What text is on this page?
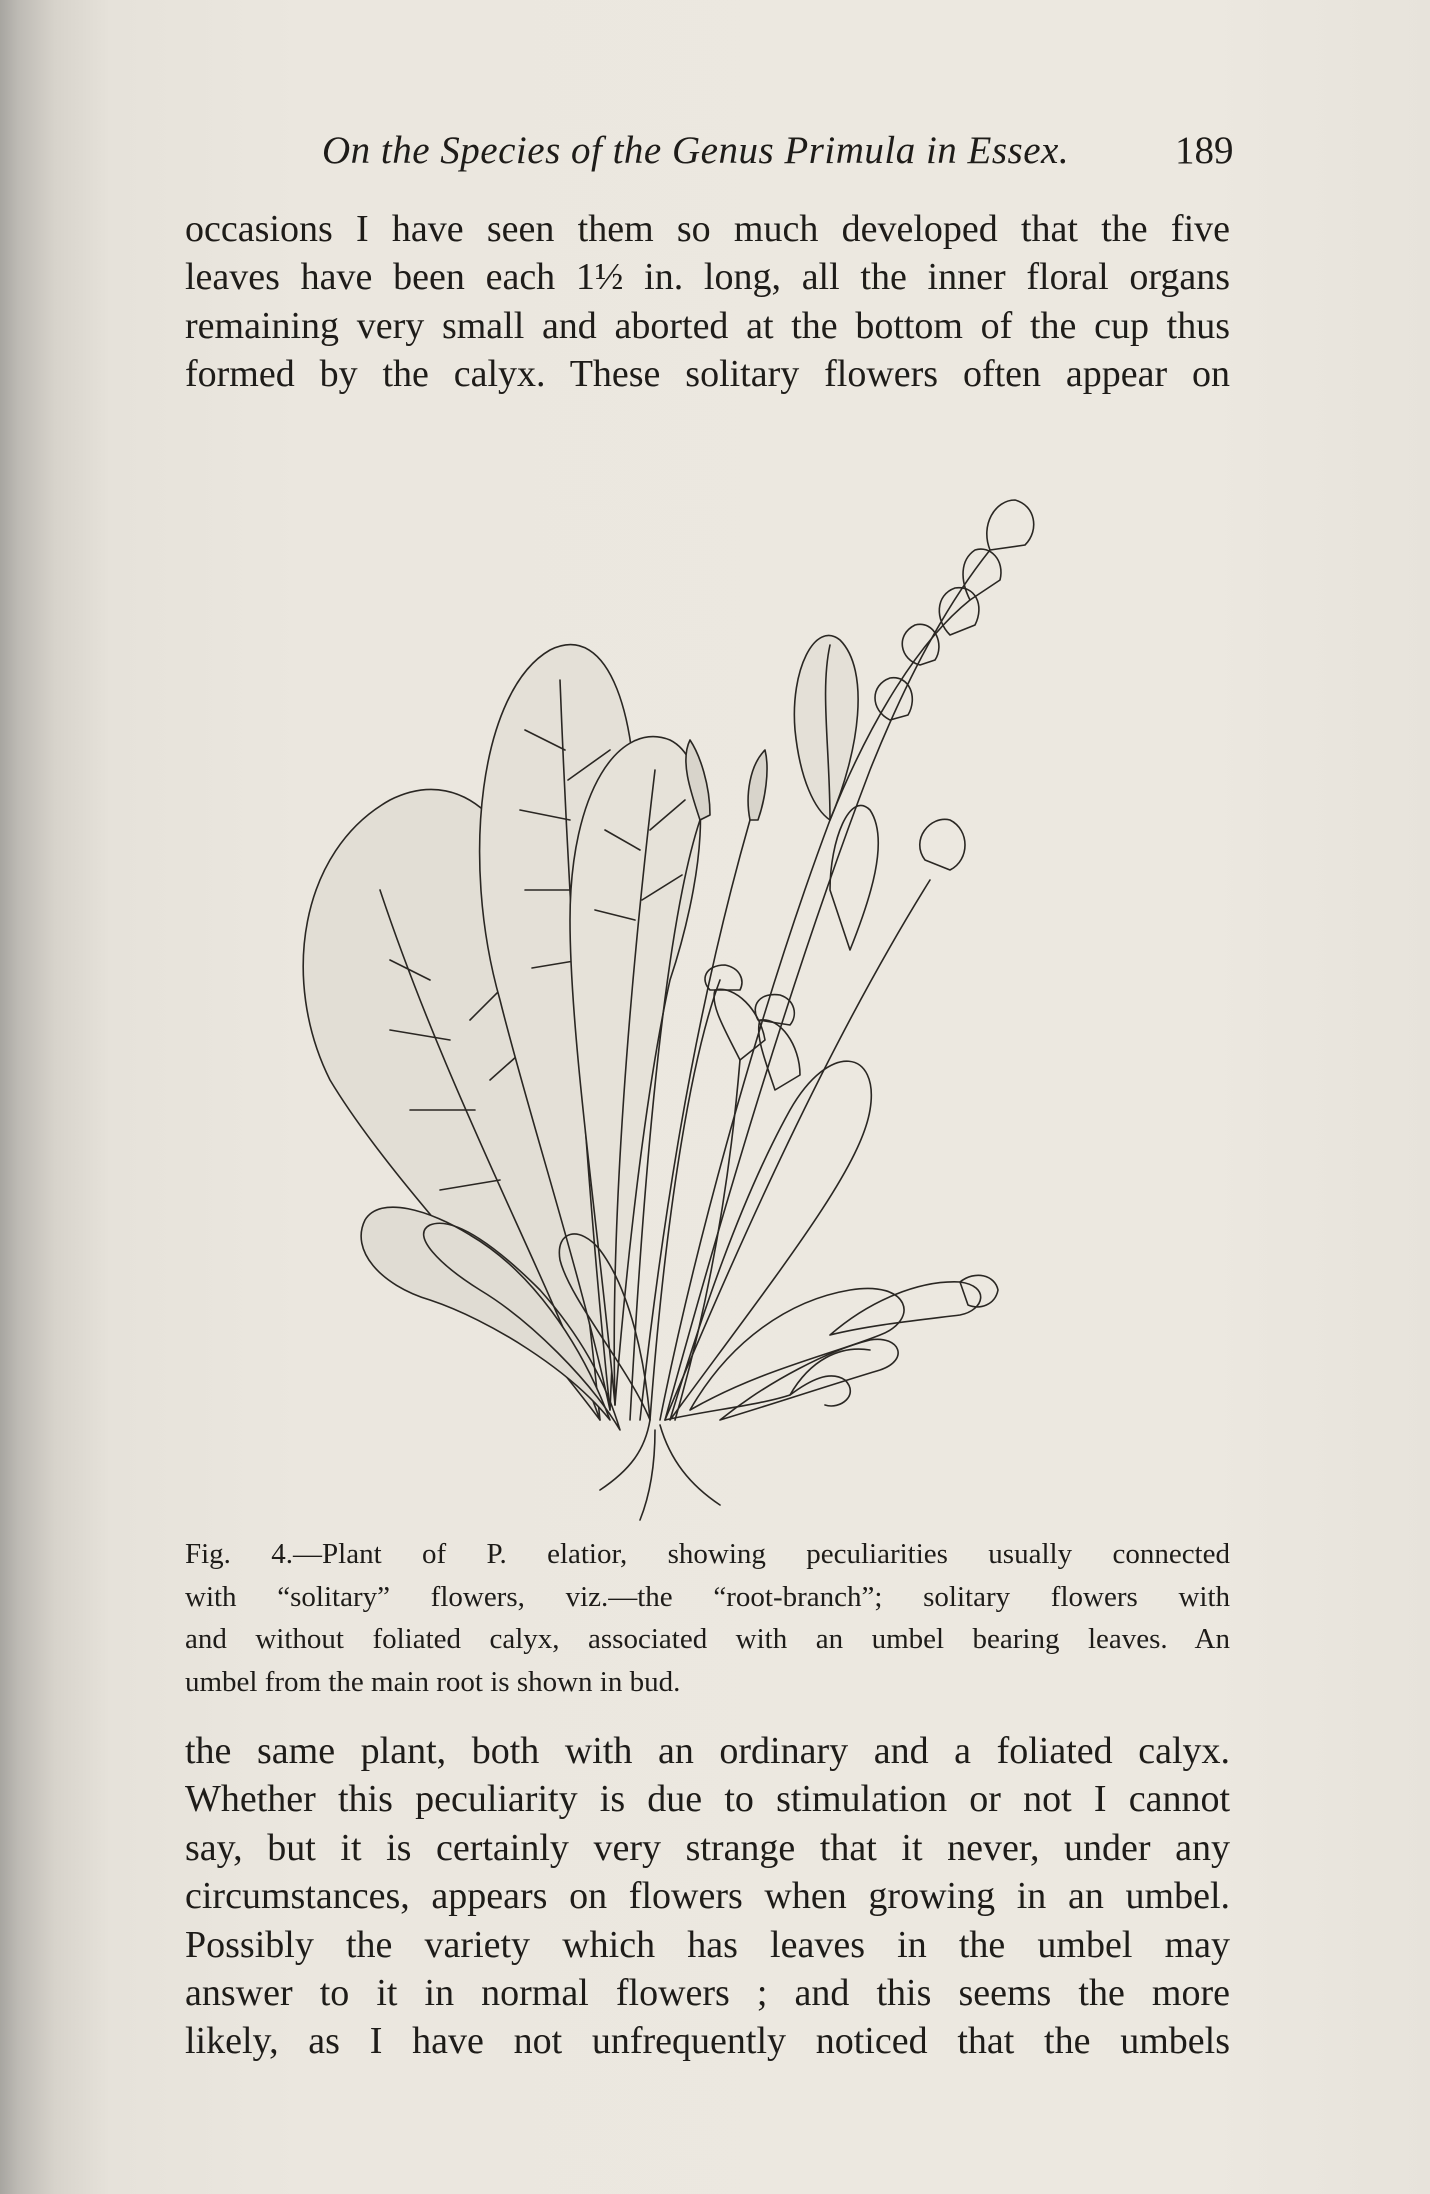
On the Species of the Genus Primula in Essex.	189
occasions I have seen them so much developed that the five
leaves have been each 1½ in. long, all the inner floral organs
remaining very small and aborted at the bottom of the cup thus
formed by the calyx. These solitary flowers often appear on
Fig. 4.—Plant of P. elatior, showing peculiarities usually connected
with “solitary” flowers, viz.—the “root-branch”; solitary flowers with
and without foliated calyx, associated with an umbel bearing leaves. An
umbel from the main root is shown in bud.
the same plant, both with an ordinary and a foliated calyx.
Whether this peculiarity is due to stimulation or not I cannot
say, but it is certainly very strange that it never, under any
circumstances, appears on flowers when growing in an umbel.
Possibly the variety which has leaves in the umbel may
answer to it in normal flowers ; and this seems the more
likely, as I have not unfrequently noticed that the umbels
